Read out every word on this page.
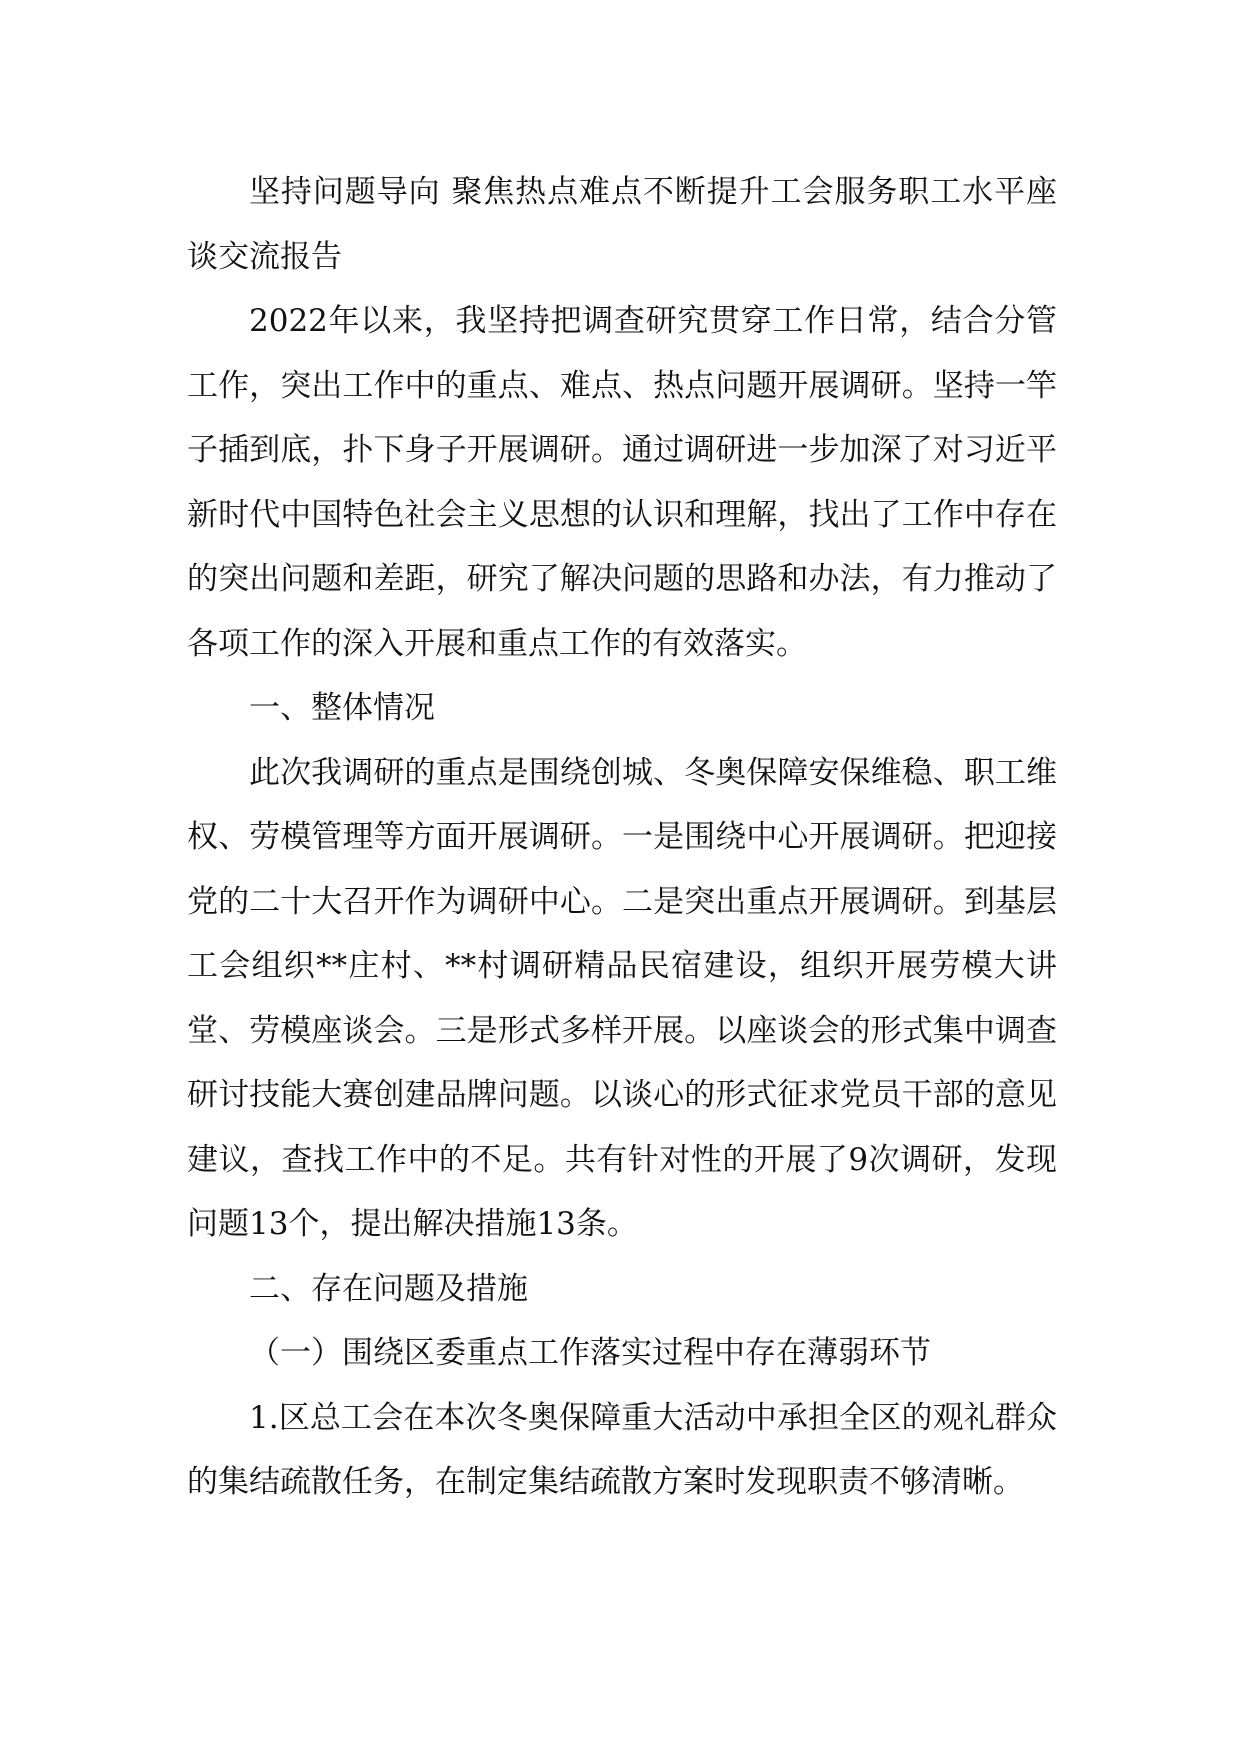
坚持问题导向 聚焦热点难点不断提升工会服务职工水平座谈交流报告

2022年以来，我坚持把调查研究贯穿工作日常，结合分管工作，突出工作中的重点、难点、热点问题开展调研。坚持一竿子插到底，扑下身子开展调研。通过调研进一步加深了对习近平新时代中国特色社会主义思想的认识和理解，找出了工作中存在的突出问题和差距，研究了解决问题的思路和办法，有力推动了各项工作的深入开展和重点工作的有效落实。

一、整体情况

此次我调研的重点是围绕创城、冬奥保障安保维稳、职工维权、劳模管理等方面开展调研。一是围绕中心开展调研。把迎接党的二十大召开作为调研中心。二是突出重点开展调研。到基层工会组织**庄村、**村调研精品民宿建设，组织开展劳模大讲堂、劳模座谈会。三是形式多样开展。以座谈会的形式集中调查研讨技能大赛创建品牌问题。以谈心的形式征求党员干部的意见建议，查找工作中的不足。共有针对性的开展了9次调研，发现问题13个，提出解决措施13条。

二、存在问题及措施

（一）围绕区委重点工作落实过程中存在薄弱环节

1.区总工会在本次冬奥保障重大活动中承担全区的观礼群众的集结疏散任务，在制定集结疏散方案时发现职责不够清晰。
